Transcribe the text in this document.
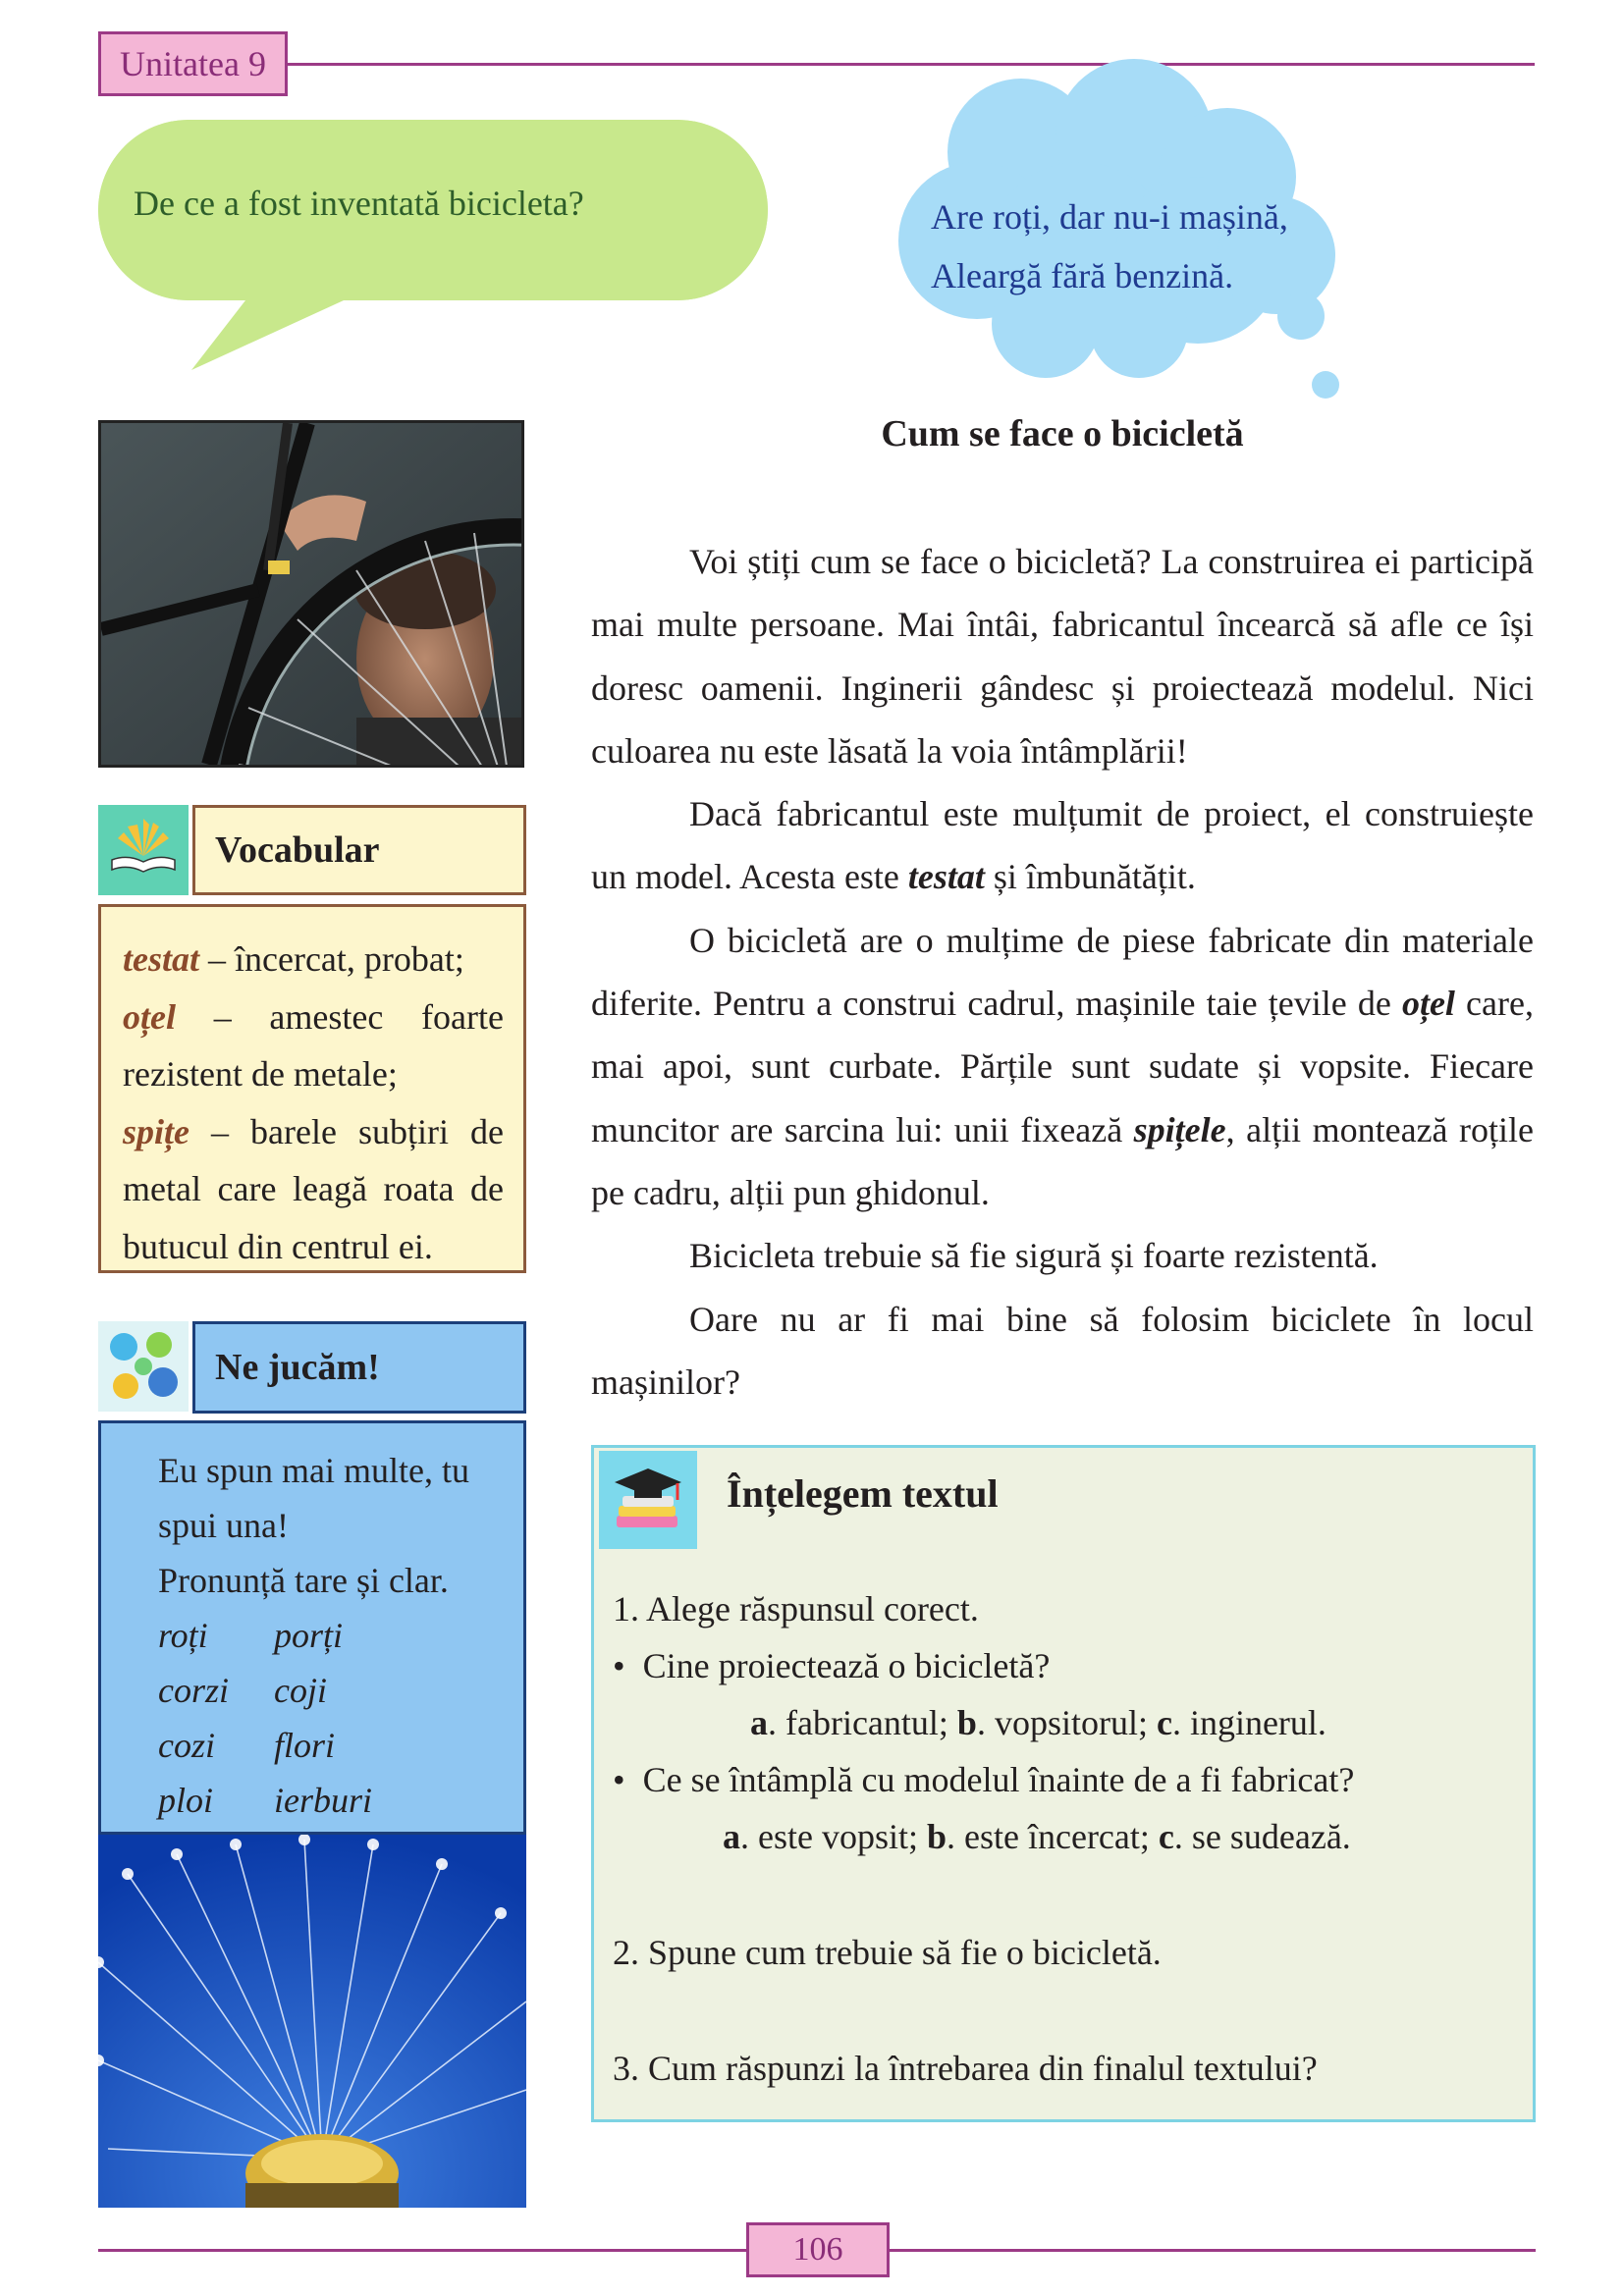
Unitatea 9
De ce a fost inventată bicicleta?	Are roți, dar nu-i mașină,
Aleargă fără benzină.
Cum se face o bicicletă
Vocabular

testat – încercat, probat;

oțel – amestec foarte rezistent de metale;

spițe – barele subțiri de metal care leagă roata de butucul din centrul ei.

Ne jucăm!
Eu spun mai multe, tu spui una!
Pronunță tare și clar.
roți	porți
corzi	coji
cozi	flori
ploi	ierburi

Voi știți cum se face o bicicletă? La construirea ei participă mai multe persoane. Mai întâi, fabricantul încearcă să afle ce își doresc oamenii. Inginerii gândesc și proiectează modelul. Nici culoarea nu este lăsată la voia întâmplării!

Dacă fabricantul este mulțumit de proiect, el construiește un model. Acesta este testat și îmbunătățit.

O bicicletă are o mulțime de piese fabricate din materiale diferite. Pentru a construi cadrul, mașinile taie țevile de oțel care, mai apoi, sunt curbate. Părțile sunt sudate și vopsite. Fiecare muncitor are sarcina lui: unii fixează spițele, alții montează roțile pe cadru, alții pun ghidonul.

Bicicleta trebuie să fie sigură și foarte rezistentă.

Oare nu ar fi mai bine să folosim biciclete în locul mașinilor?

Înțelegem textul
1. Alege răspunsul corect.
•  Cine proiectează o bicicletă?
a. fabricantul; b. vopsitorul; c. inginerul.
•  Ce se întâmplă cu modelul înainte de a fi fabricat?
a. este vopsit; b. este încercat; c. se sudează.
2. Spune cum trebuie să fie o bicicletă.
3. Cum răspunzi la întrebarea din finalul textului?
106
